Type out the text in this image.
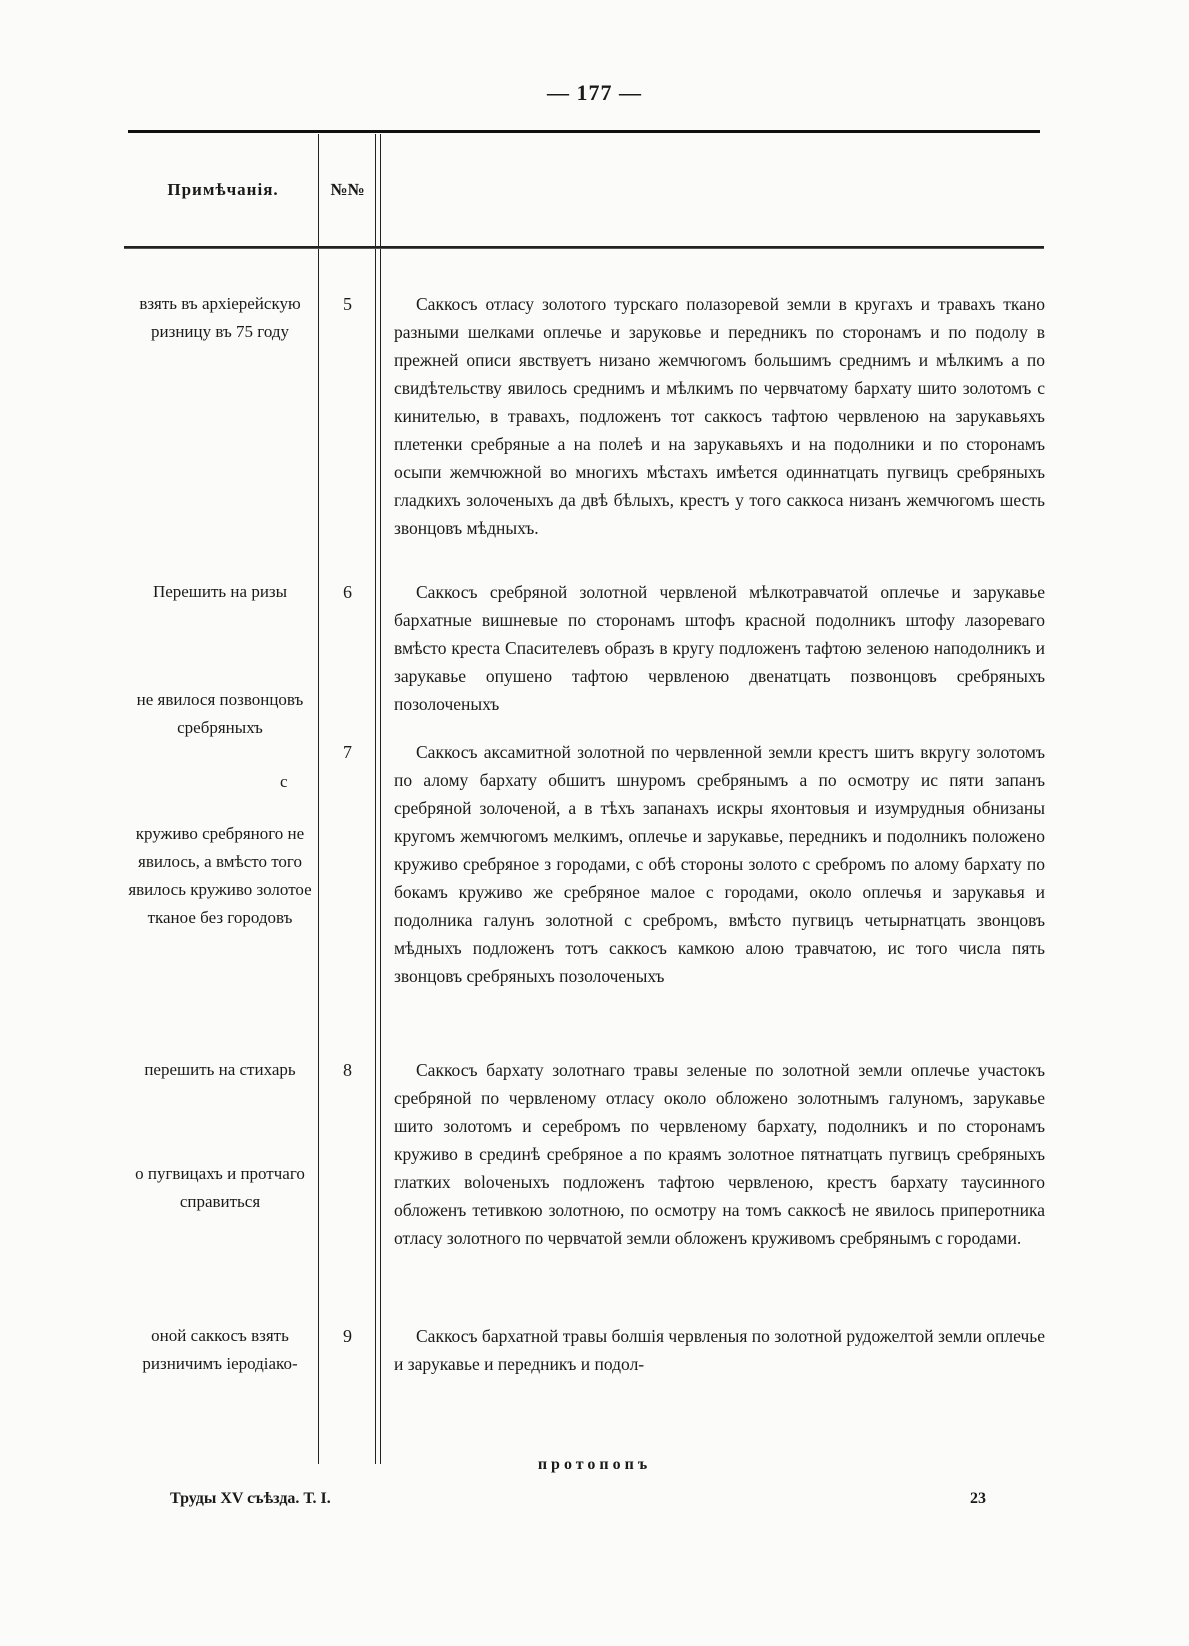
— 177 —
Примѣчанія.	№№
взять въ архіерейскую ризницу въ 75 году
Перешить на ризы
не явилося позвонцовъ сребряныхъ
с
круживо сребряного не явилось, а вмѣсто того явилось круживо золотое тканое без городовъ
перешить на стихарь
о пугвицахъ и протчаго справиться
оной саккосъ взять ризничимъ іеродіако-
5
6
7
8
9
Саккосъ отласу золотого турскаго полазоревой земли в кругахъ и травахъ ткано разными шелками оплечье и заруковье и передникъ по сторонамъ и по подолу в прежней описи явствуетъ низано жемчюгомъ большимъ среднимъ и мѣлкимъ а по свидѣтельству явилось среднимъ и мѣлкимъ по червчатому бархату шито золотомъ с кинителью, в травахъ, подложенъ тот саккосъ тафтою червленою на зарукавьяхъ плетенки сребряные а на полеѣ и на зарукавьяхъ и на подолники и по сторонамъ осыпи жемчюжной во многихъ мѣстахъ имѣется одиннатцать пугвицъ сребряныхъ гладкихъ золоченыхъ да двѣ бѣлыхъ, крестъ у того саккоса низанъ жемчюгомъ шесть звонцовъ мѣдныхъ.
Саккосъ сребряной золотной червленой мѣлкотравчатой оплечье и зарукавье бархатные вишневые по сторонамъ штофъ красной подолникъ штофу лазореваго вмѣсто креста Спасителевъ образъ в кругу подложенъ тафтою зеленою наподолникъ и зарукавье опушено тафтою червленою двенатцать позвонцовъ сребряныхъ позолоченыхъ
Саккосъ аксамитной золотной по червленной земли крестъ шитъ вкругу золотомъ по алому бархату обшитъ шнуромъ сребрянымъ а по осмотру ис пяти запанъ сребряной золоченой, а в тѣхъ запанахъ искры яхонтовыя и изумрудныя обнизаны кругомъ жемчюгомъ мелкимъ, оплечье и зарукавье, передникъ и подолникъ положено круживо сребряное з городами, с обѣ стороны золото с сребромъ по алому бархату по бокамъ круживо же сребряное малое с городами, около оплечья и зарукавья и подолника галунъ золотной с сребромъ, вмѣсто пугвицъ четырнатцать звонцовъ мѣдныхъ подложенъ тотъ саккосъ камкою алою травчатою, ис того числа пять звонцовъ сребряныхъ позолоченыхъ
Саккосъ бархату золотнаго травы зеленые по золотной земли оплечье участокъ сребряной по червленому отласу около обложено золотнымъ галуномъ, зарукавье шито золотомъ и серебромъ по червленому бархату, подолникъ и по сторонамъ круживо в срединѣ сребряное а по краямъ золотное пятнатцать пугвицъ сребряныхъ глатких воloченыхъ подложенъ тафтою червленою, крестъ бархату таусинного обложенъ тетивкою золотною, по осмотру на томъ саккосѣ не явилось приперотника отласу золотного по червчатой земли обложенъ круживомъ сребрянымъ с городами.
Саккосъ бархатной травы болшія червленыя по золотной рудожелтой земли оплечье и зарукавье и передникъ и подол-
протопопъ
Труды XV съѣзда. Т. I.	23
